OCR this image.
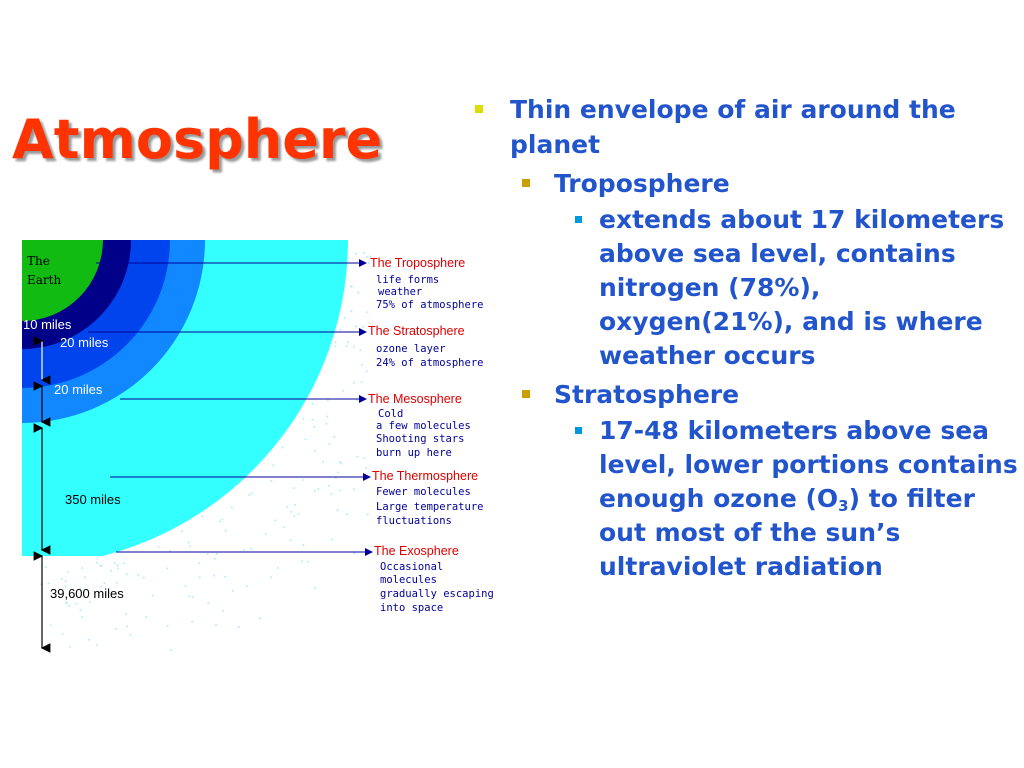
Atmosphere
The
Earth
10 miles
20 miles
20 miles
350 miles
39,600 miles
The Troposphere
life forms
weather
75% of atmosphere
The Stratosphere
ozone layer
24% of atmosphere
The Mesosphere
Cold
a few molecules
Shooting stars
burn up here
The Thermosphere
Fewer molecules
Large temperature
fluctuations
The Exosphere
Occasional
molecules
gradually escaping
into space
Thin envelope of air around the planet
Troposphere
extends about 17 kilometers above sea level, contains nitrogen (78%), oxygen(21%), and is where weather occurs
Stratosphere
17-48 kilometers above sea level, lower portions contains enough ozone $(O_3)$ to filter out most of the sun’s ultraviolet radiation
